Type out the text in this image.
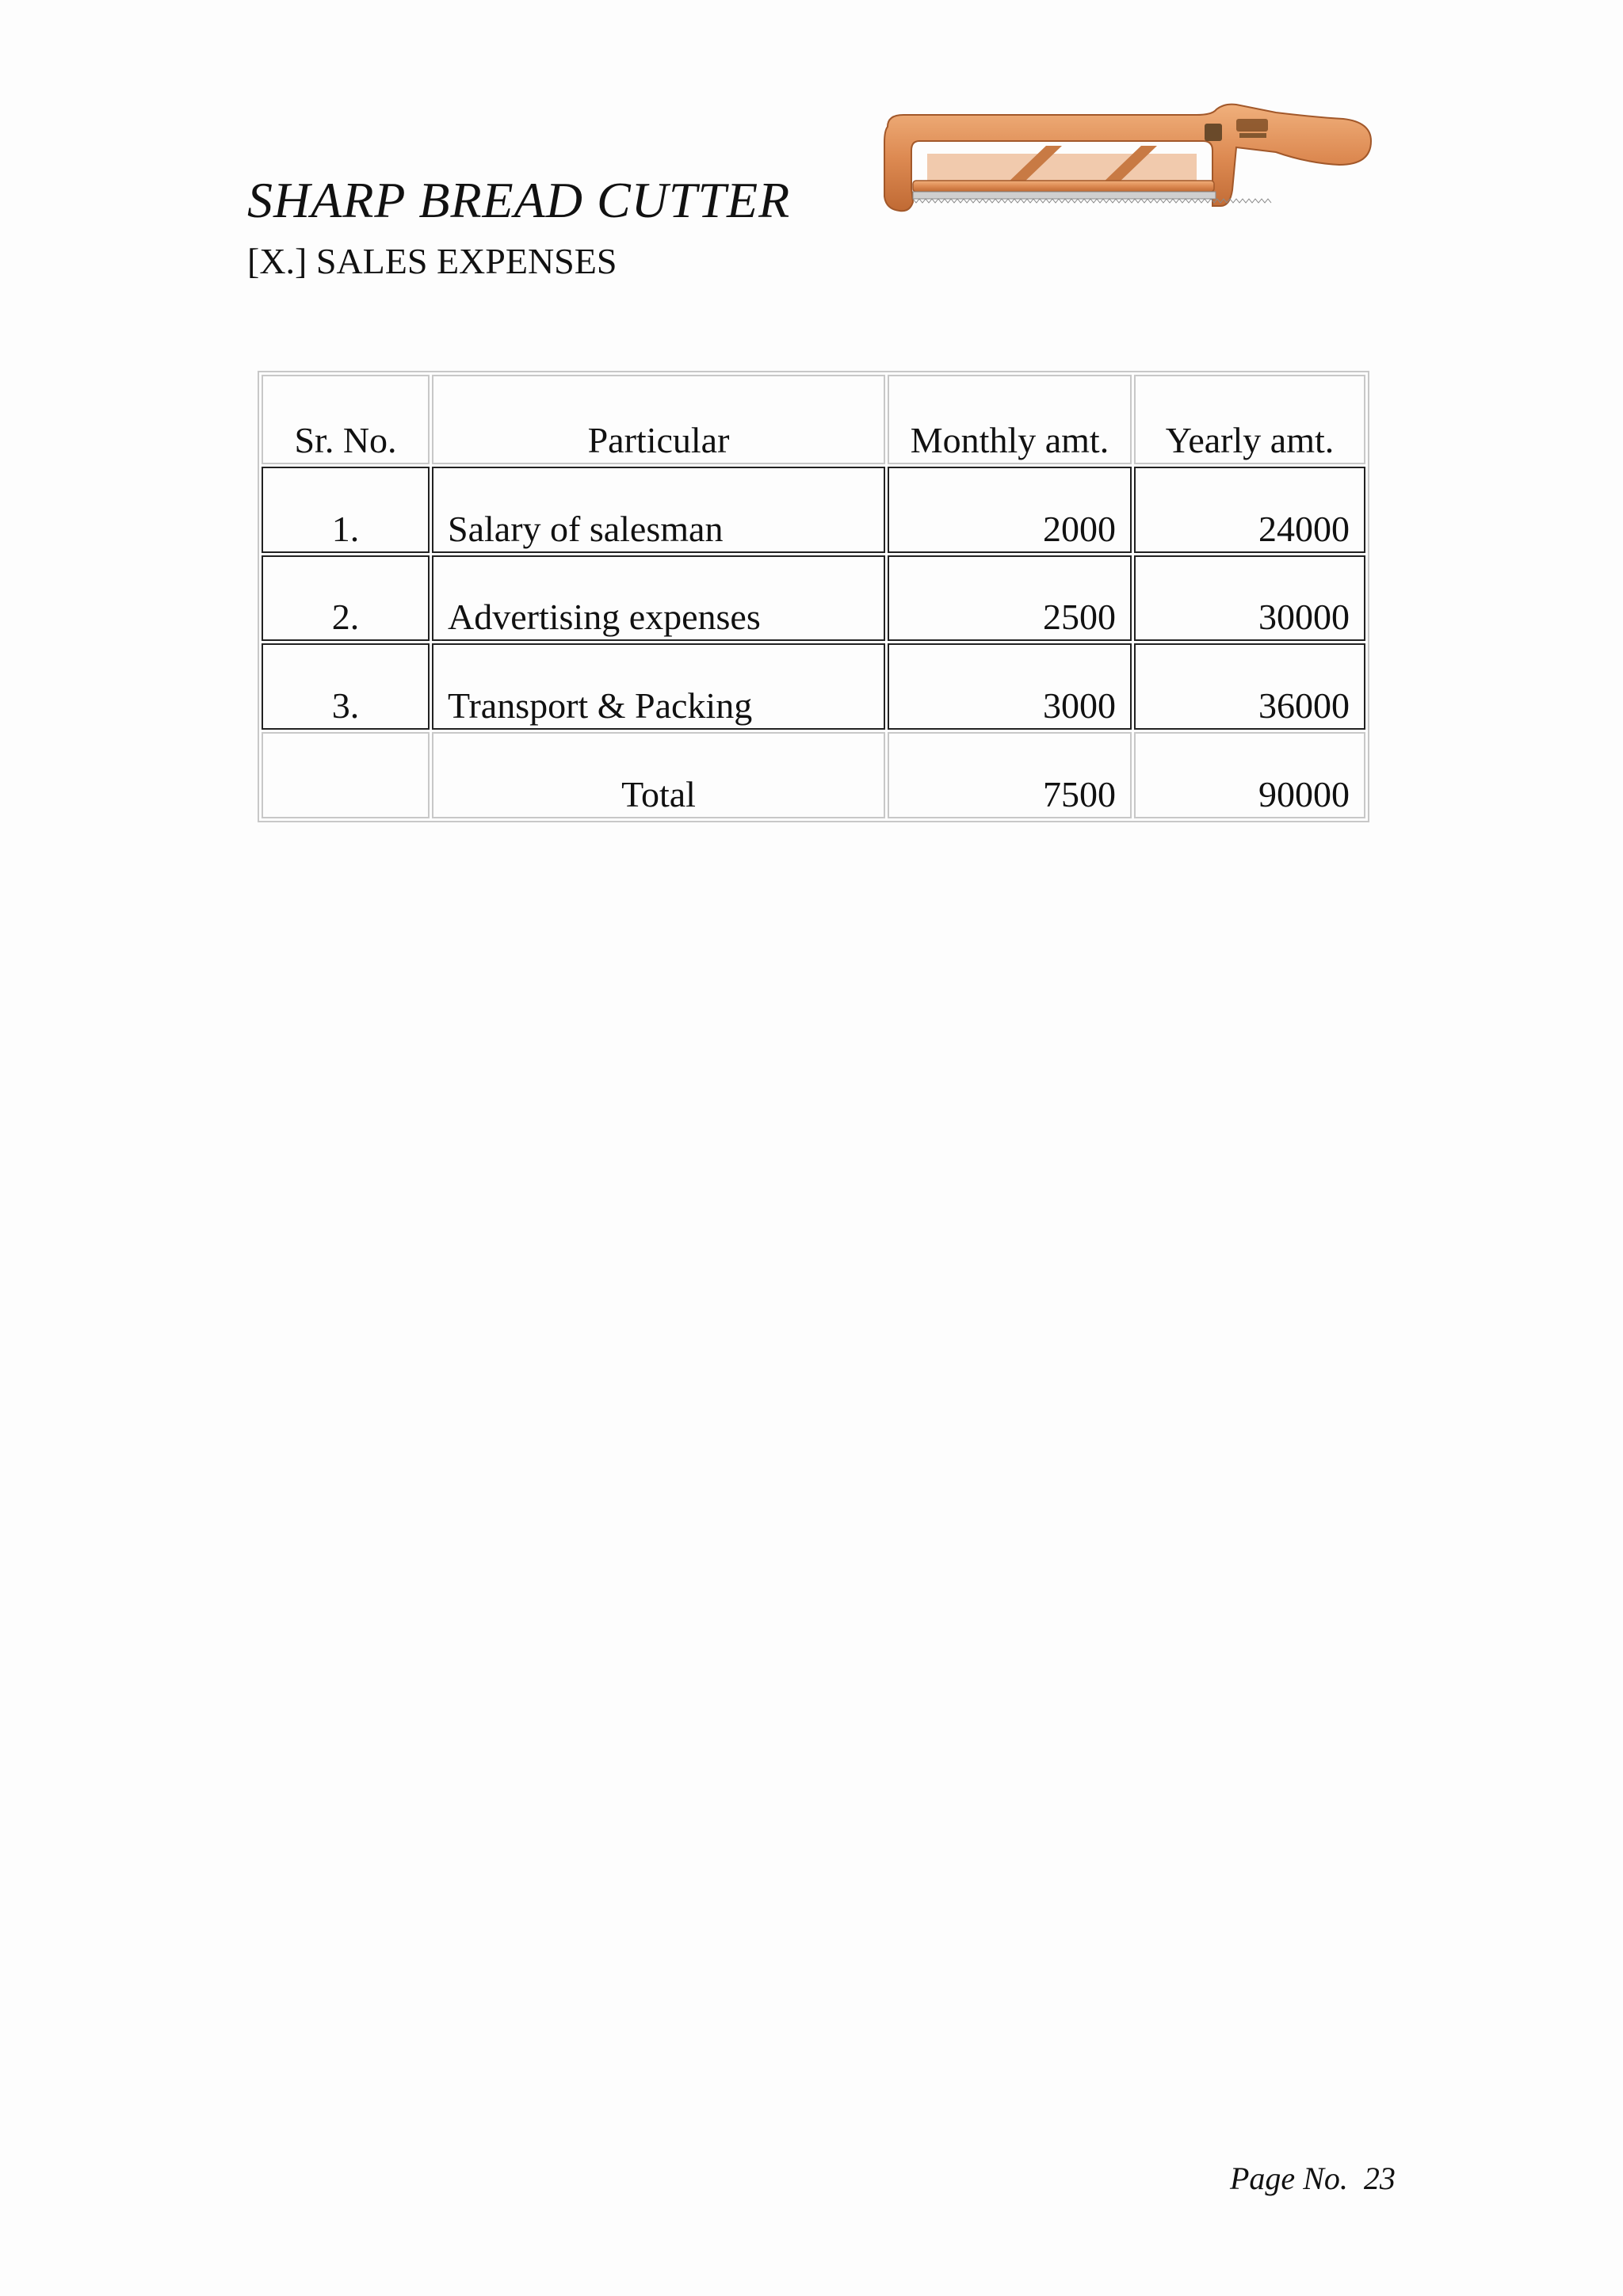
SHARP BREAD CUTTER
[X.] SALES EXPENSES
Sr. No.	Particular	Monthly amt.	Yearly amt.
1.	Salary of salesman	2000	24000
2.	Advertising expenses	2500	30000
3.	Transport & Packing	3000	36000
	Total	7500	90000
Page No. 23
